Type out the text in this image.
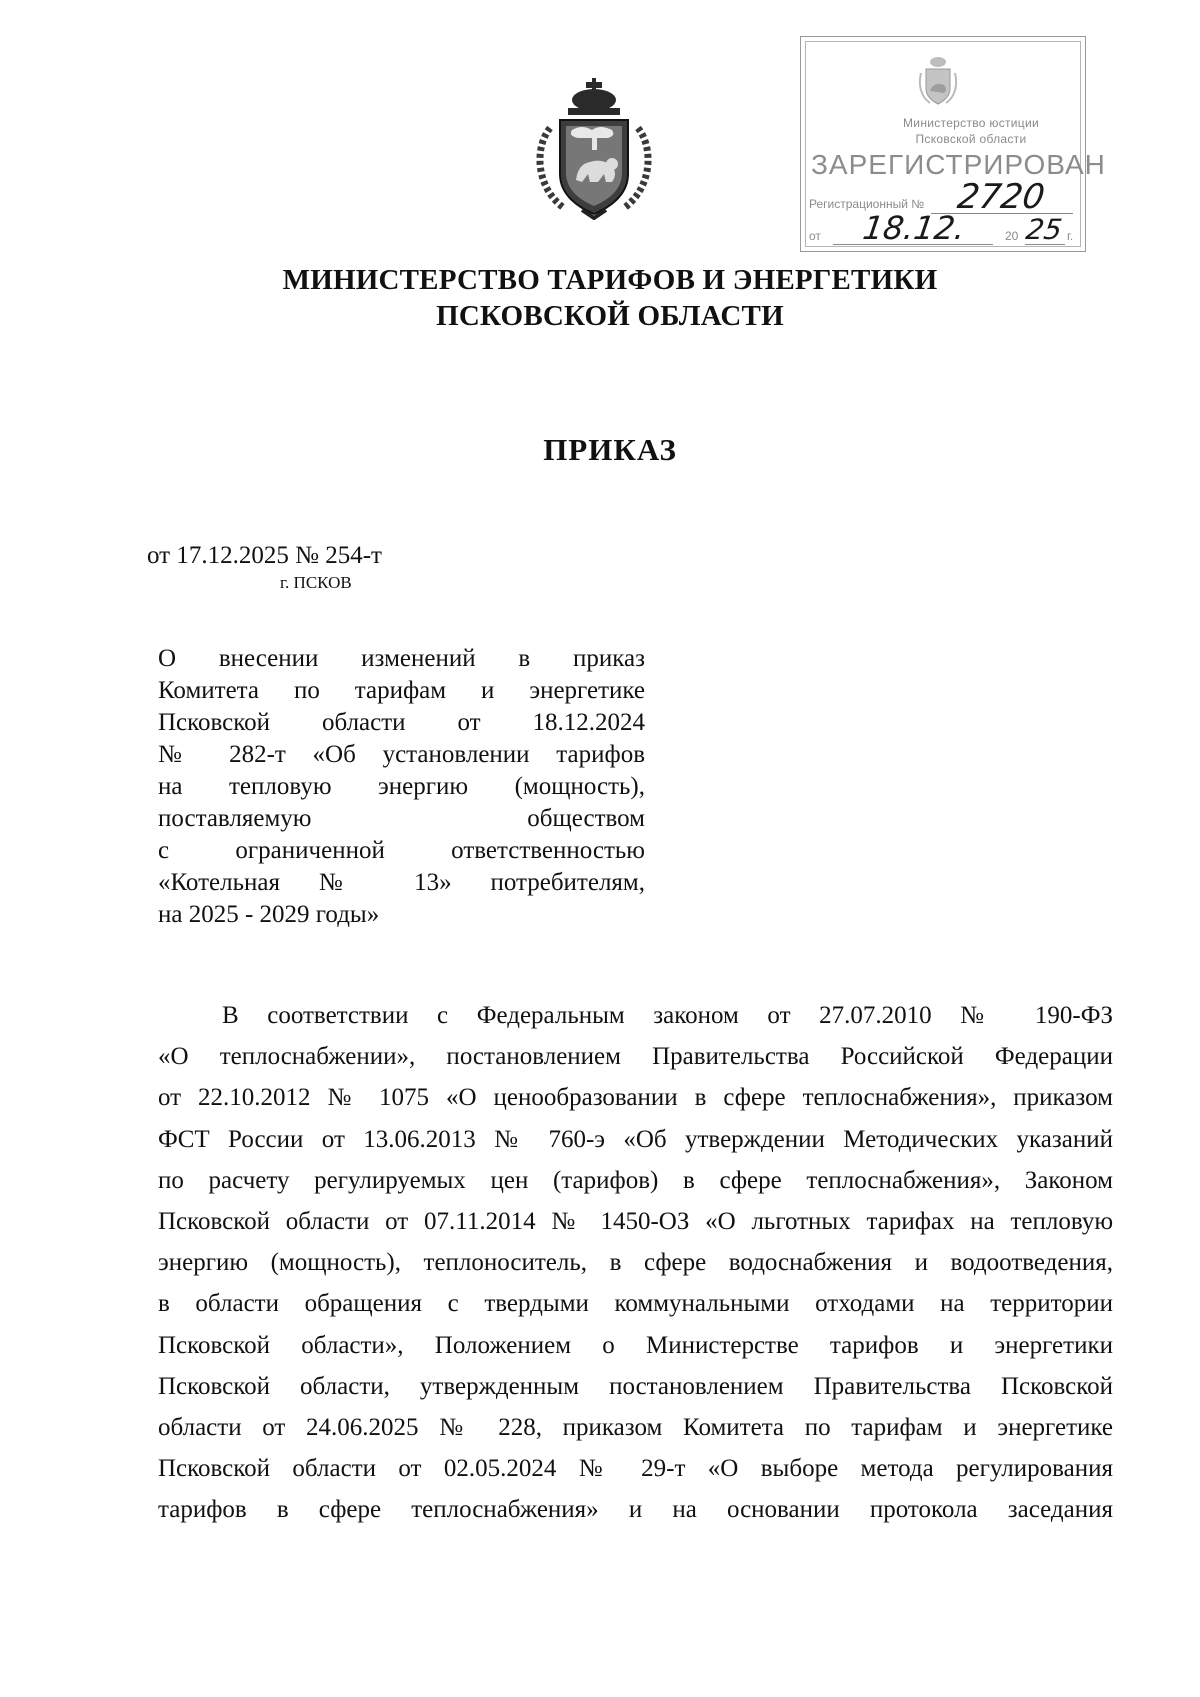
Министерство юстиции
Псковской области
ЗАРЕГИСТРИРОВАН
Регистрационный № 2720
от	18.12.	20 25 г.
МИНИСТЕРСТВО ТАРИФОВ И ЭНЕРГЕТИКИ
ПСКОВСКОЙ ОБЛАСТИ
ПРИКАЗ
от 17.12.2025 № 254-т
г. ПСКОВ
О внесении изменений в приказ
Комитета по тарифам и энергетике
Псковской области от 18.12.2024
№ 282-т «Об установлении тарифов
на тепловую энергию (мощность),
поставляемую обществом
с ограниченной ответственностью
«Котельная № 13» потребителям,
на 2025 - 2029 годы»
В соответствии с Федеральным законом от 27.07.2010 № 190-ФЗ
«О теплоснабжении», постановлением Правительства Российской Федерации
от 22.10.2012 № 1075 «О ценообразовании в сфере теплоснабжения», приказом
ФСТ России от 13.06.2013 № 760-э «Об утверждении Методических указаний
по расчету регулируемых цен (тарифов) в сфере теплоснабжения», Законом
Псковской области от 07.11.2014 № 1450-ОЗ «О льготных тарифах на тепловую
энергию (мощность), теплоноситель, в сфере водоснабжения и водоотведения,
в области обращения с твердыми коммунальными отходами на территории
Псковской области», Положением о Министерстве тарифов и энергетики
Псковской области, утвержденным постановлением Правительства Псковской
области от 24.06.2025 № 228, приказом Комитета по тарифам и энергетике
Псковской области от 02.05.2024 № 29-т «О выборе метода регулирования
тарифов в сфере теплоснабжения» и на основании протокола заседания
